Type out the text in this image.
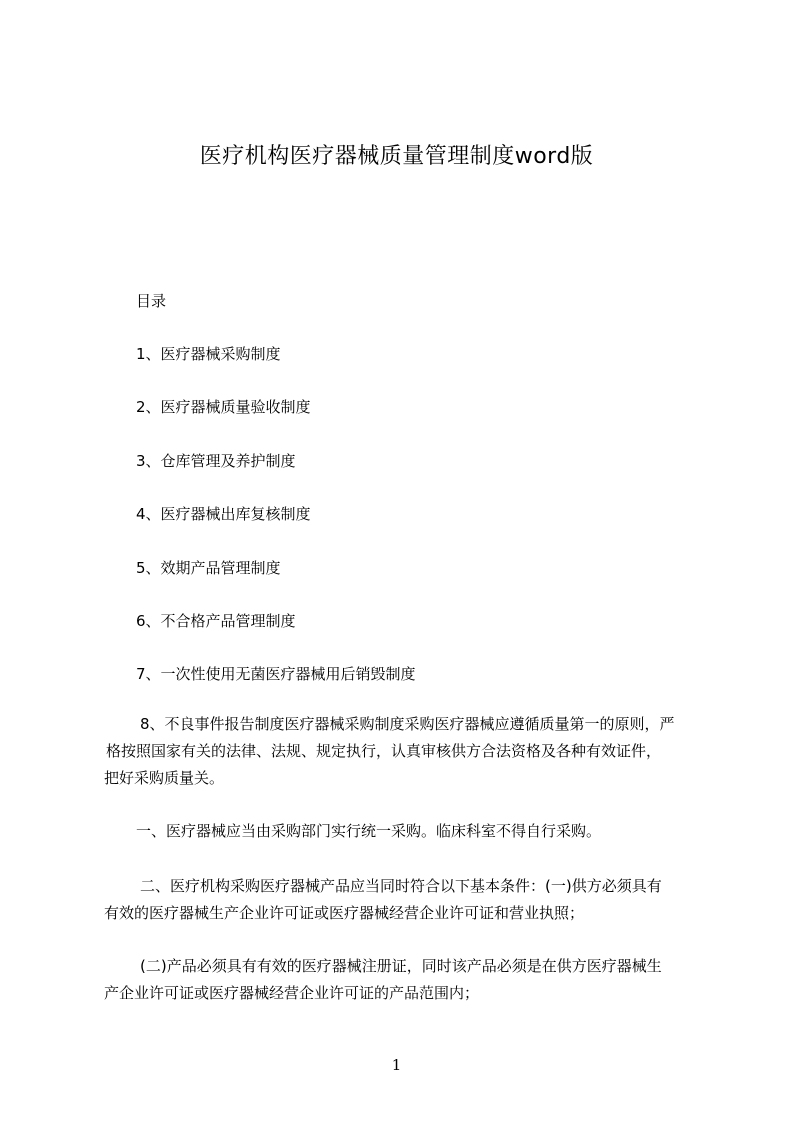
医疗机构医疗器械质量管理制度word版
目录
1、医疗器械采购制度
2、医疗器械质量验收制度
3、仓库管理及养护制度
4、医疗器械出库复核制度
5、效期产品管理制度
6、不合格产品管理制度
7、一次性使用无菌医疗器械用后销毁制度
8、不良事件报告制度医疗器械采购制度采购医疗器械应遵循质量第一的原则，严
格按照国家有关的法律、法规、规定执行，认真审核供方合法资格及各种有效证件，
把好采购质量关。
一、医疗器械应当由采购部门实行统一采购。临床科室不得自行采购。
二、医疗机构采购医疗器械产品应当同时符合以下基本条件：(一)供方必须具有
有效的医疗器械生产企业许可证或医疗器械经营企业许可证和营业执照；
(二)产品必须具有有效的医疗器械注册证，同时该产品必须是在供方医疗器械生
产企业许可证或医疗器械经营企业许可证的产品范围内；
1
